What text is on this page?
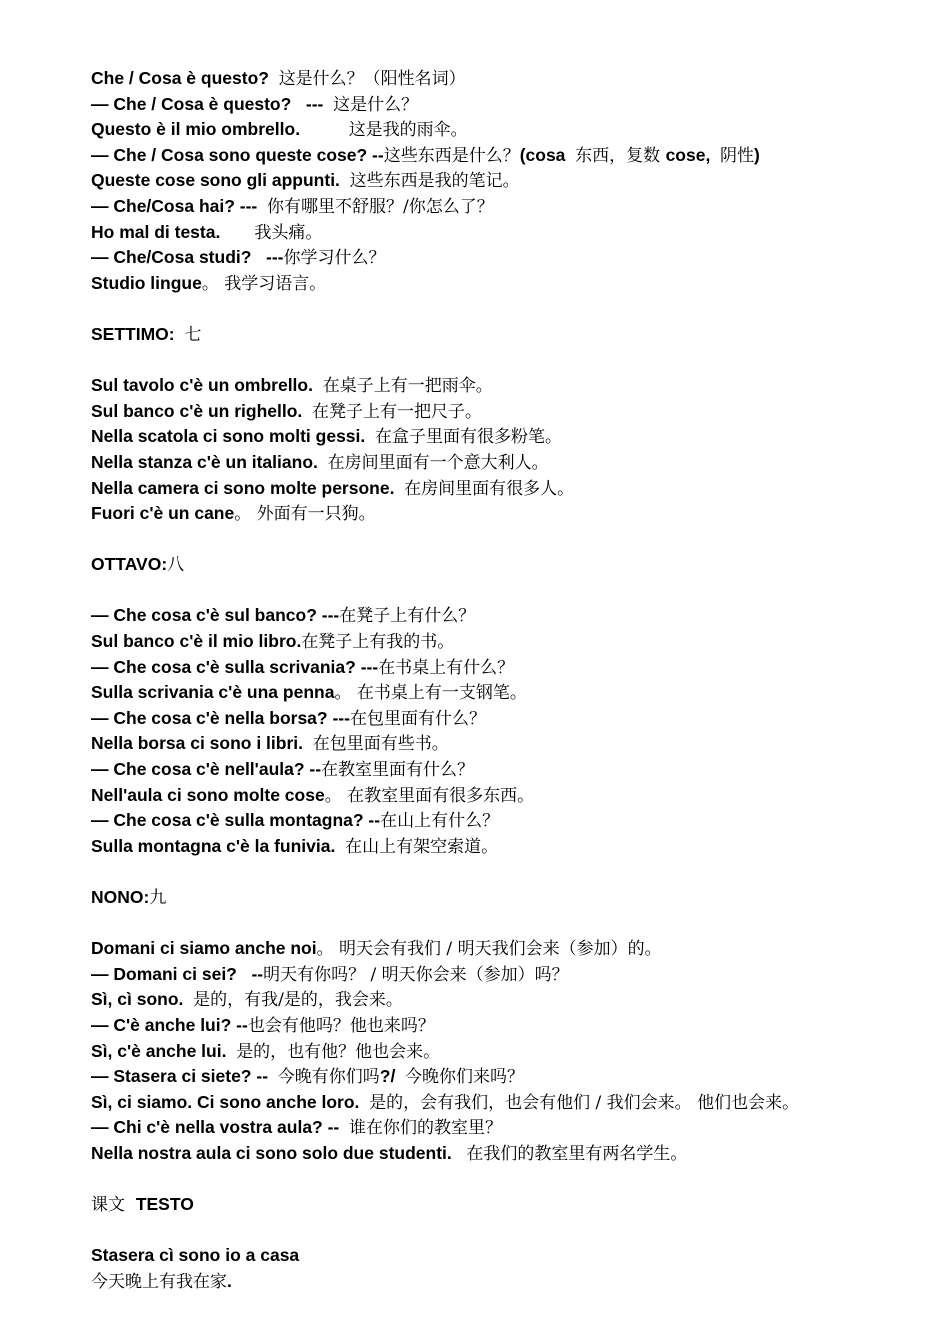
Che / Cosa è questo?  这是什么？（阳性名词）
— Che / Cosa è questo?   ---  这是什么？
Questo è il mio ombrello.          这是我的雨伞。
— Che / Cosa sono queste cose? --这些东西是什么？(cosa  东西，复数 cose,  阴性)
Queste cose sono gli appunti.  这些东西是我的笔记。
— Che/Cosa hai? ---  你有哪里不舒服？/你怎么了？
Ho mal di testa.       我头痛。
— Che/Cosa studi?   ---你学习什么？
Studio lingue。 我学习语言。
SETTIMO:  七
Sul tavolo c'è un ombrello.  在桌子上有一把雨伞。
Sul banco c'è un righello.  在凳子上有一把尺子。
Nella scatola ci sono molti gessi.  在盒子里面有很多粉笔。
Nella stanza c'è un italiano.  在房间里面有一个意大利人。
Nella camera ci sono molte persone.  在房间里面有很多人。
Fuori c'è un cane。 外面有一只狗。
OTTAVO:八
— Che cosa c'è sul banco? ---在凳子上有什么？
Sul banco c'è il mio libro.在凳子上有我的书。
— Che cosa c'è sulla scrivania? ---在书桌上有什么？
Sulla scrivania c'è una penna。 在书桌上有一支钢笔。
— Che cosa c'è nella borsa? ---在包里面有什么？
Nella borsa ci sono i libri.  在包里面有些书。
— Che cosa c'è nell'aula? --在教室里面有什么？
Nell'aula ci sono molte cose。 在教室里面有很多东西。
— Che cosa c'è sulla montagna? --在山上有什么？
Sulla montagna c'è la funivia.  在山上有架空索道。
NONO:九
Domani ci siamo anche noi。 明天会有我们 / 明天我们会来（参加）的。
— Domani ci sei?   --明天有你吗？ / 明天你会来（参加）吗？
Sì, cì sono.  是的，有我/是的，我会来。
— C'è anche lui? --也会有他吗？他也来吗？
Sì, c'è anche lui.  是的，也有他？他也会来。
— Stasera ci siete? --  今晚有你们吗?/  今晚你们来吗？
Sì, ci siamo. Ci sono anche loro.  是的，会有我们，也会有他们 / 我们会来。 他们也会来。
— Chi c'è nella vostra aula? --  谁在你们的教室里？
Nella nostra aula ci sono solo due studenti.   在我们的教室里有两名学生。
课文  TESTO
Stasera cì sono io a casa
今天晚上有我在家.
